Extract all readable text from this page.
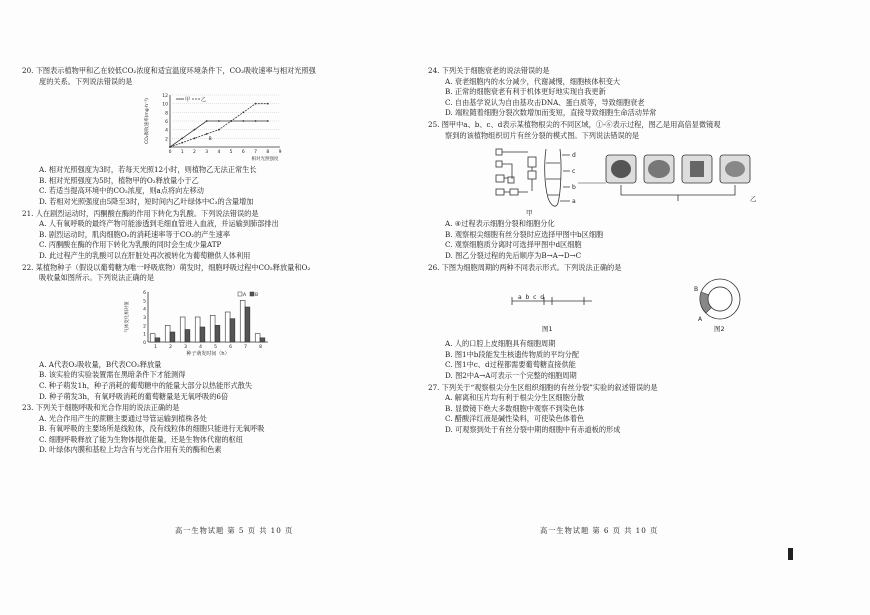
20. 下图表示植物甲和乙在较低CO₂浓度和适宜温度环境条件下，CO₂吸收速率与相对光照强
度的关系。下列说法错误的是
2
4
6
8
10
12
0 1 2 3 4 5 6 7 8 9
相对光照强度
CO₂吸收速率(mg·h⁻¹)	甲 乙
B
A. 相对光照强度为3时，若每天光照12小时，则植物乙无法正常生长
B. 相对光照强度为5时，植物甲的O₂释放量小于乙
C. 若适当提高环境中的CO₂浓度，则a点将向左移动
D. 若相对光照强度由5降至3时，短时间内乙叶绿体中C₃的含量增加
21. 人在剧烈运动时，丙酮酸在酶的作用下转化为乳酸。下列说法错误的是
A. 人有氧呼吸的最终产物可能渗透到毛细血管进入血液，并运输到肺部排出
B. 剧烈运动时，肌肉细胞O₂的消耗速率等于CO₂的产生速率
C. 丙酮酸在酶的作用下转化为乳酸的同时会生成少量ATP
D. 此过程产生的乳酸可以在肝脏处再次被转化为葡萄糖供人体利用
22. 某植物种子（假设以葡萄糖为唯一呼吸底物）萌发时，细胞呼吸过程中CO₂释放量和O₂
吸收量如图所示。下列说法正确的是
0
1
2
3
4
5
6
1	2	3	4	5	6	7	8
种子萌发时间（h）
气体变化相对值
A B
A. A代表O₂吸收量，B代表CO₂释放量
B. 该实验的实验装置需在黑暗条件下才能测得
C. 种子萌发1h，种子消耗的葡萄糖中的能量大部分以热能形式散失
D. 种子萌发3h，有氧呼吸消耗的葡萄糖量是无氧呼吸的6倍
23. 下列关于细胞呼吸和光合作用的说法正确的是
A. 光合作用产生的蔗糖主要通过导管运输到植株各处
B. 有氧呼吸的主要场所是线粒体，没有线粒体的细胞只能进行无氧呼吸
C. 细胞呼吸释放了能为生物体提供能量，还是生物体代谢的枢纽
D. 叶绿体内膜和基粒上均含有与光合作用有关的酶和色素
24. 下列关于细胞衰老的说法错误的是
A. 衰老细胞内的水分减少，代谢减慢，细胞核体积变大
B. 正常的细胞衰老有利于机体更好地实现自我更新
C. 自由基学说认为自由基攻击DNA、蛋白质等，导致细胞衰老
D. 端粒随着细胞分裂次数增加而变短，直接导致细胞生命活动异常
25. 图甲中a、b、c、d表示某植物根尖的不同区域，①-⑥表示过程，图乙是用高倍显微镜观
察到的该植物组织切片有丝分裂的模式图。下列说法错误的是
d
c
b
a
甲
乙
A. ④过程表示细胞分裂和细胞分化
B. 观察根尖细胞有丝分裂时应选择甲图中b区细胞
C. 观察细胞质分离时可选择甲图中d区细胞
D. 图乙分裂过程的先后顺序为B→A→D→C
26. 下图为细胞周期的两种不同表示形式。下列说法正确的是
a  b  c  d
图1
B
A
图2
A. 人的口腔上皮细胞具有细胞周期
B. 图1中b段能发生核遗传物质的平均分配
C. 图1中c、d过程都需要葡萄糖直接供能
D. 图2中A→A可表示一个完整的细胞周期
27. 下列关于“观察根尖分生区组织细胞的有丝分裂”实验的叙述错误的是
A. 解离和压片均有利于根尖分生区细胞分散
B. 显微镜下绝大多数细胞中观察不到染色体
C. 醋酸洋红液是碱性染料，可使染色体着色
D. 可观察到处于有丝分裂中期的细胞中有赤道板的形成
高一生物试题 第 5 页 共 10 页	高一生物试题 第 6 页 共 10 页
